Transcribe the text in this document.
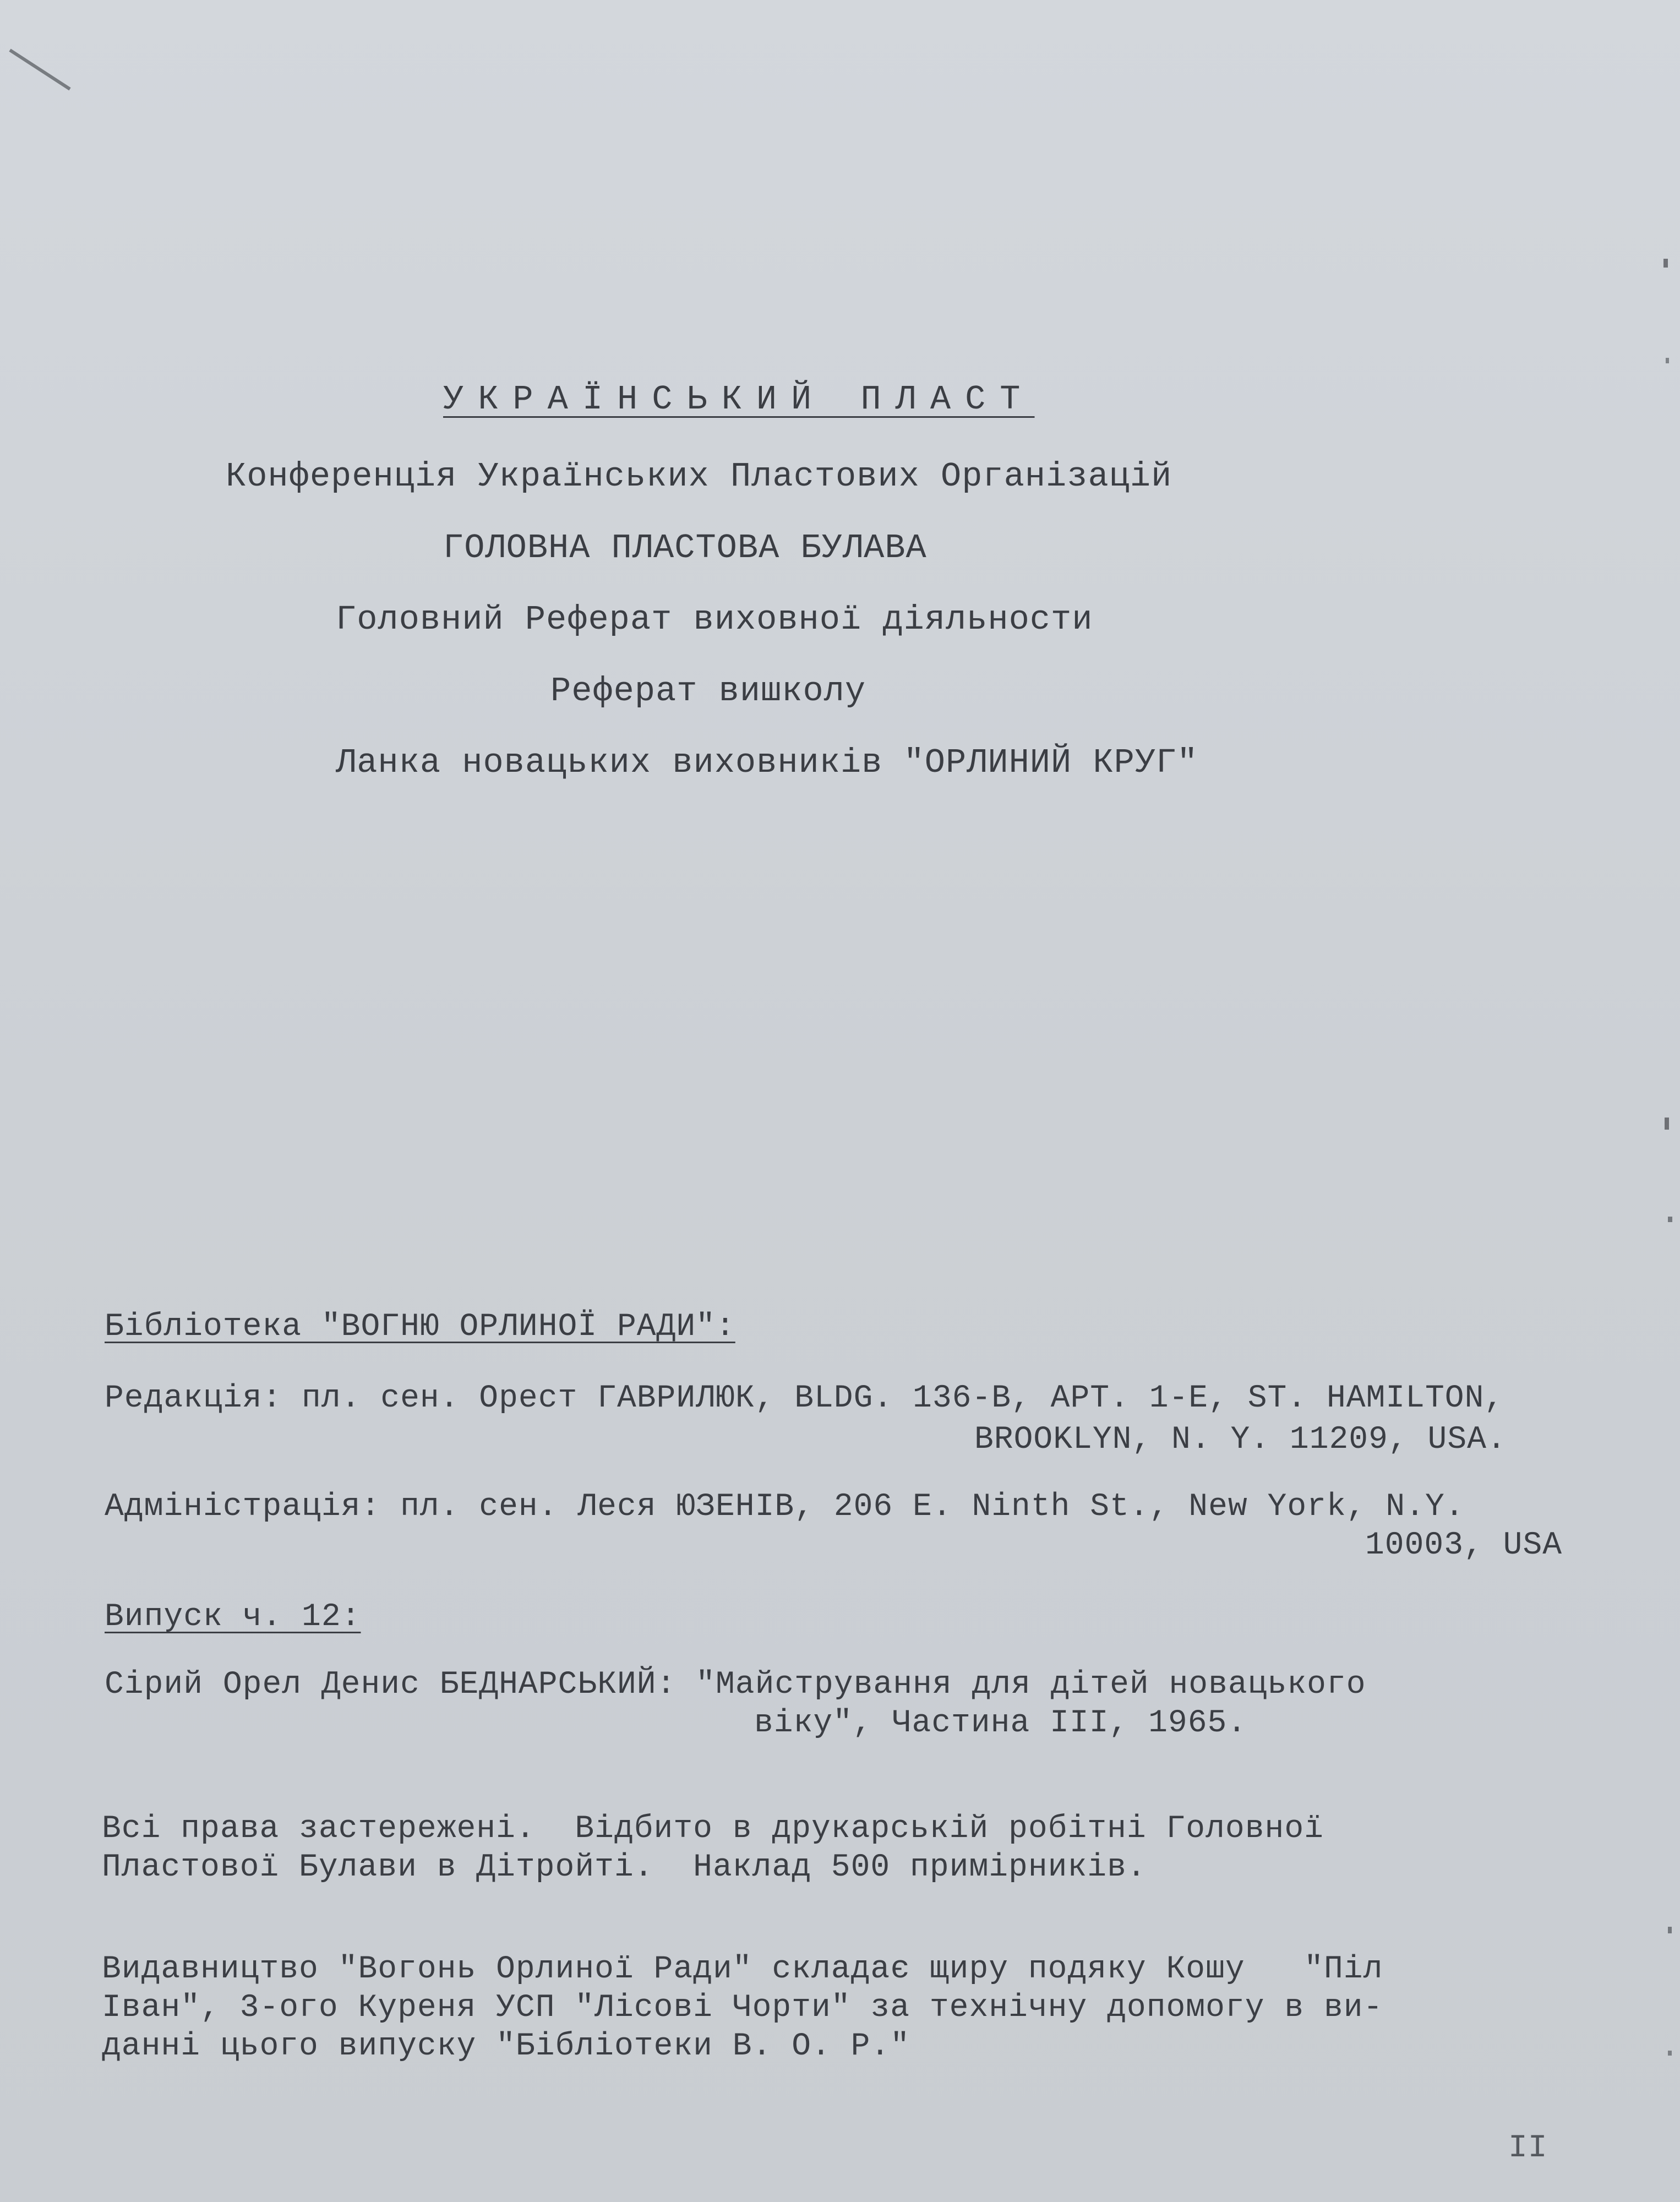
УКРАЇНСЬКИЙ ПЛАСТ
Конференція Українських Пластових Організацій
ГОЛОВНА ПЛАСТОВА БУЛАВА
Головний Реферат виховної діяльности
Реферат вишколу
Ланка новацьких виховників "ОРЛИНИЙ КРУГ"
Бібліотека "ВОГНЮ ОРЛИНОЇ РАДИ":
Редакція: пл. сен. Орест ГАВРИЛЮК, BLDG. 136-B, APT. 1-E, ST. HAMILTON,
BROOKLYN, N. Y. 11209, USA.
Адміністрація: пл. сен. Леся ЮЗЕНІВ, 206 E. Ninth St., New York, N.Y.
10003, USA
Випуск ч. 12:
Сірий Орел Денис БЕДНАРСЬКИЙ: "Майстрування для дітей новацького
віку", Частина III, 1965.
Всі права застережені.  Відбито в друкарській робітні Головної
Пластової Булави в Дітройті.  Наклад 500 примірників.
Видавництво "Вогонь Орлиної Ради" складає щиру подяку Кошу   "Піл
Іван", 3-ого Куреня УСП "Лісові Чорти" за технічну допомогу в ви-
данні цього випуску "Бібліотеки В. О. Р."
II
